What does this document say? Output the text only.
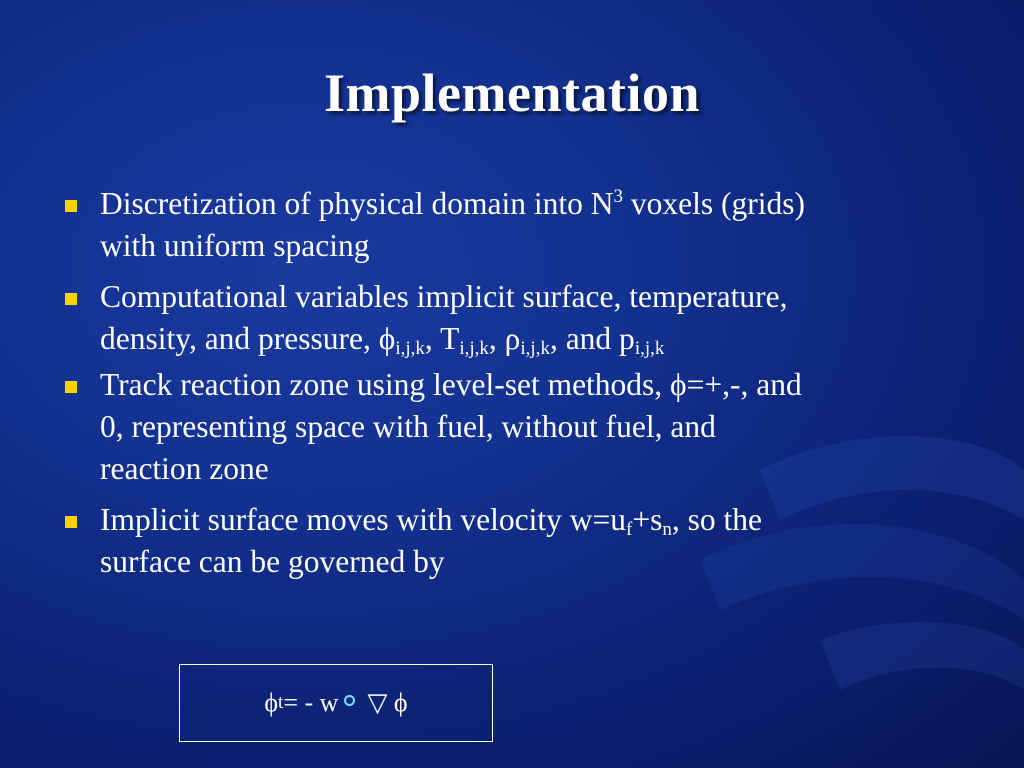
Implementation
Discretization of physical domain into $N^3$ voxels (grids) with uniform spacing
Computational variables implicit surface, temperature, density, and pressure, $\phi_{i,j,k}$, $T_{i,j,k}$, $\rho_{i,j,k}$, and $p_{i,j,k}$
Track reaction zone using level-set methods, ϕ=+,-, and 0, representing space with fuel, without fuel, and reaction zone
Implicit surface moves with velocity $w=u_f+s_n$, so the surface can be governed by
ϕ t = - w ▽ ϕ
